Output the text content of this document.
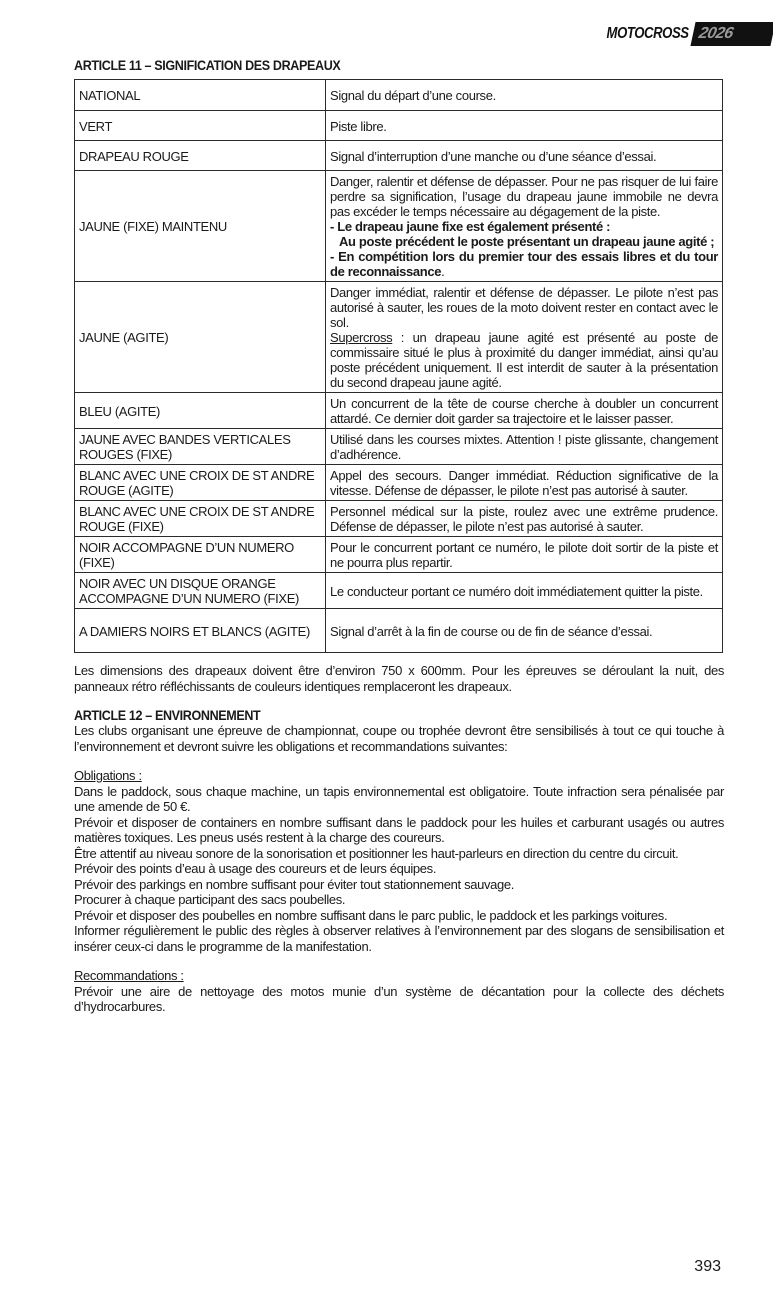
MOTOCROSS 2026
ARTICLE 11 – SIGNIFICATION DES DRAPEAUX
NATIONAL	Signal du départ d’une course.
VERT	Piste libre.
DRAPEAU ROUGE	Signal d’interruption d’une manche ou d’une séance d’essai.
JAUNE (FIXE) MAINTENU	Danger, ralentir et défense de dépasser. Pour ne pas risquer de lui faire perdre sa signification, l’usage du drapeau jaune immobile ne devra pas excéder le temps nécessaire au dégagement de la piste.

- Le drapeau jaune fixe est également présenté :

Au poste précédent le poste présentant un drapeau jaune agité ;

- En compétition lors du premier tour des essais libres et du tour de reconnaissance.

JAUNE (AGITE)	Danger immédiat, ralentir et défense de dépasser. Le pilote n’est pas autorisé à sauter, les roues de la moto doivent rester en contact avec le sol.

Supercross : un drapeau jaune agité est présenté au poste de commissaire situé le plus à proximité du danger immédiat, ainsi qu’au poste précédent uniquement. Il est interdit de sauter à la présentation du second drapeau jaune agité.

BLEU (AGITE)	Un concurrent de la tête de course cherche à doubler un concurrent attardé. Ce dernier doit garder sa trajectoire et le laisser passer.
JAUNE AVEC BANDES VERTICALES ROUGES (FIXE)	Utilisé dans les courses mixtes. Attention ! piste glissante, changement d’adhérence.
BLANC AVEC UNE CROIX DE ST ANDRE ROUGE (AGITE)	Appel des secours. Danger immédiat. Réduction significative de la vitesse. Défense de dépasser, le pilote n’est pas autorisé à sauter.
BLANC AVEC UNE CROIX DE ST ANDRE ROUGE (FIXE)	Personnel médical sur la piste, roulez avec une extrême prudence. Défense de dépasser, le pilote n’est pas autorisé à sauter.
NOIR ACCOMPAGNE D’UN NUMERO (FIXE)	Pour le concurrent portant ce numéro, le pilote doit sortir de la piste et ne pourra plus repartir.
NOIR AVEC UN DISQUE ORANGE ACCOMPAGNE D’UN NUMERO (FIXE)	Le conducteur portant ce numéro doit immédiatement quitter la piste.
A DAMIERS NOIRS ET BLANCS (AGITE)	Signal d’arrêt à la fin de course ou de fin de séance d’essai.

Les dimensions des drapeaux doivent être d’environ 750 x 600mm. Pour les épreuves se déroulant la nuit, des panneaux rétro réfléchissants de couleurs identiques remplaceront les drapeaux.

ARTICLE 12 – ENVIRONNEMENT

Les clubs organisant une épreuve de championnat, coupe ou trophée devront être sensibilisés à tout ce qui touche à l’environnement et devront suivre les obligations et recommandations suivantes:

Obligations :

Dans le paddock, sous chaque machine, un tapis environnemental est obligatoire. Toute infraction sera pénalisée par une amende de 50 €.

Prévoir et disposer de containers en nombre suffisant dans le paddock pour les huiles et carburant usagés ou autres matières toxiques. Les pneus usés restent à la charge des coureurs.

Être attentif au niveau sonore de la sonorisation et positionner les haut-parleurs en direction du centre du circuit.

Prévoir des points d’eau à usage des coureurs et de leurs équipes.

Prévoir des parkings en nombre suffisant pour éviter tout stationnement sauvage.

Procurer à chaque participant des sacs poubelles.

Prévoir et disposer des poubelles en nombre suffisant dans le parc public, le paddock et les parkings voitures.

Informer régulièrement le public des règles à observer relatives à l’environnement par des slogans de sensibilisation et insérer ceux-ci dans le programme de la manifestation.

Recommandations :

Prévoir une aire de nettoyage des motos munie d’un système de décantation pour la collecte des déchets d’hydrocarbures.

393
